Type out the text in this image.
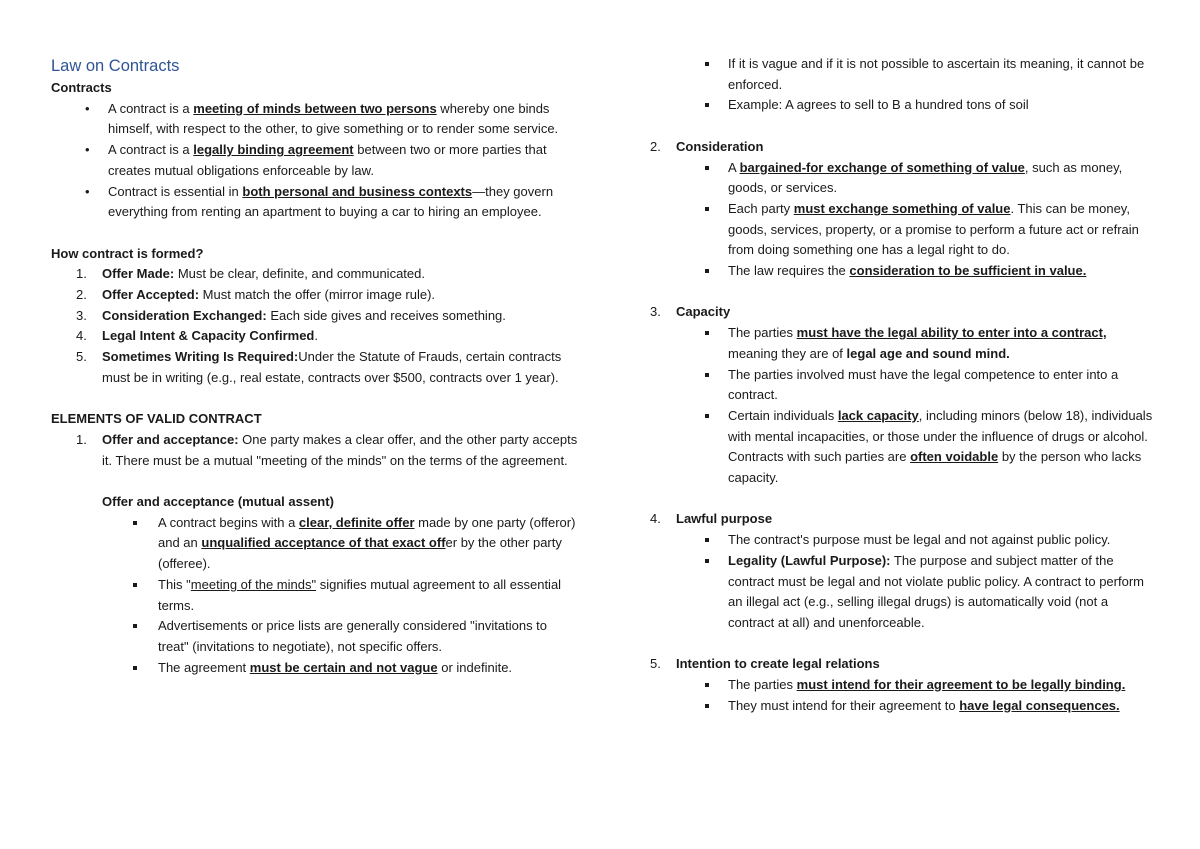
Law on Contracts
Contracts
• A contract is a meeting of minds between two persons whereby one binds himself, with respect to the other, to give something or to render some service.
• A contract is a legally binding agreement between two or more parties that creates mutual obligations enforceable by law.
• Contract is essential in both personal and business contexts—they govern everything from renting an apartment to buying a car to hiring an employee.
How contract is formed?
1. Offer Made: Must be clear, definite, and communicated.
2. Offer Accepted: Must match the offer (mirror image rule).
3. Consideration Exchanged: Each side gives and receives something.
4. Legal Intent & Capacity Confirmed.
5. Sometimes Writing Is Required:Under the Statute of Frauds, certain contracts must be in writing (e.g., real estate, contracts over $500, contracts over 1 year).
ELEMENTS OF VALID CONTRACT
1. Offer and acceptance: One party makes a clear offer, and the other party accepts it. There must be a mutual "meeting of the minds" on the terms of the agreement.
Offer and acceptance (mutual assent)
A contract begins with a clear, definite offer made by one party (offeror) and an unqualified acceptance of that exact offer by the other party (offeree).
This "meeting of the minds" signifies mutual agreement to all essential terms.
Advertisements or price lists are generally considered "invitations to treat" (invitations to negotiate), not specific offers.
The agreement must be certain and not vague or indefinite.
If it is vague and if it is not possible to ascertain its meaning, it cannot be enforced.
Example: A agrees to sell to B a hundred tons of soil
2. Consideration
A bargained-for exchange of something of value, such as money, goods, or services.
Each party must exchange something of value. This can be money, goods, services, property, or a promise to perform a future act or refrain from doing something one has a legal right to do.
The law requires the consideration to be sufficient in value.
3. Capacity
The parties must have the legal ability to enter into a contract, meaning they are of legal age and sound mind.
The parties involved must have the legal competence to enter into a contract.
Certain individuals lack capacity, including minors (below 18), individuals with mental incapacities, or those under the influence of drugs or alcohol. Contracts with such parties are often voidable by the person who lacks capacity.
4. Lawful purpose
The contract's purpose must be legal and not against public policy.
Legality (Lawful Purpose): The purpose and subject matter of the contract must be legal and not violate public policy. A contract to perform an illegal act (e.g., selling illegal drugs) is automatically void (not a contract at all) and unenforceable.
5. Intention to create legal relations
The parties must intend for their agreement to be legally binding.
They must intend for their agreement to have legal consequences.
